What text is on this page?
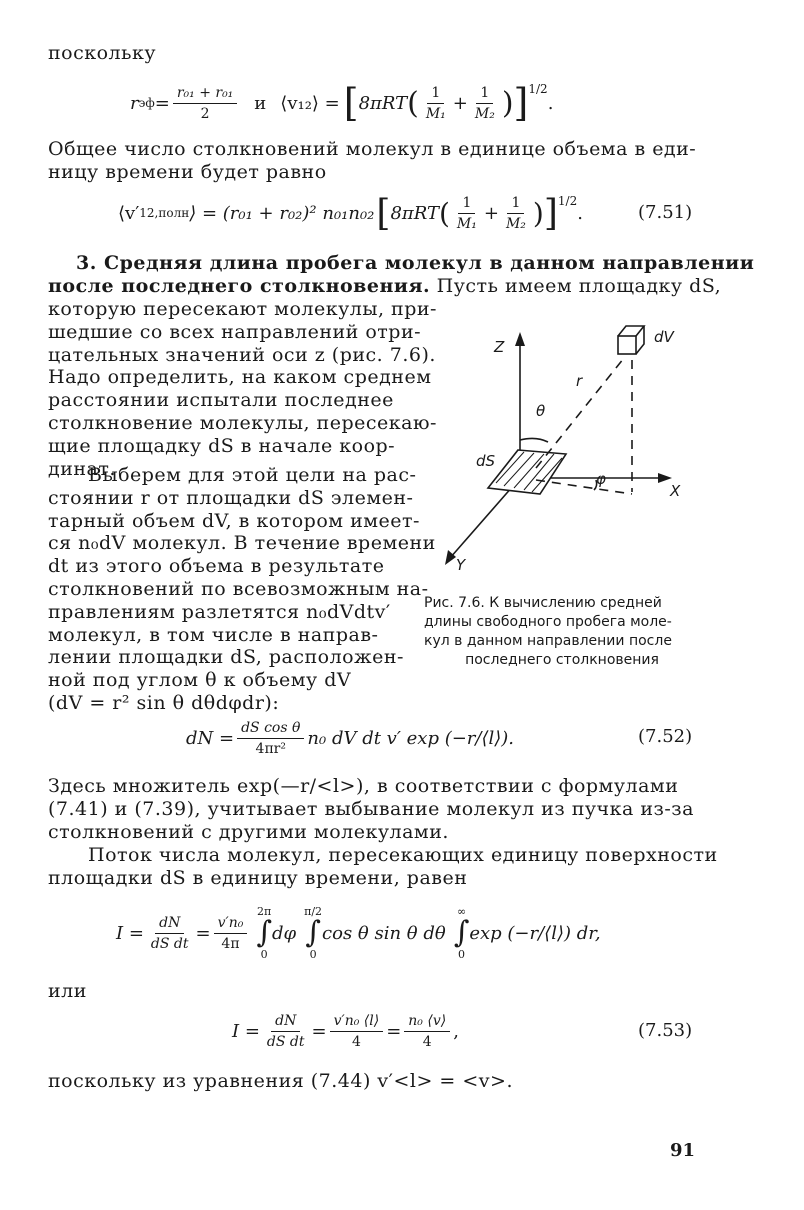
поскольку
r эф = $\frac{\text{r₀₁ + r₀₁}}{2}$ и ⟨v₁₂⟩ = [ 8πRT ( $\frac{1}{\text{M₁}} + \frac{1}{\text{M₂}}$ ) ]$^{1/2}$
.
Общее число столкновений молекул в единице объема в еди-
ницу времени будет равно
⟨v′ 12,полн ⟩ = (r₀₁ + r₀₂)² n₀₁n₀₂ [ 8πRT ( $\frac{1}{\text{M₁}} + \frac{1}{\text{M₂}}$ ) ]$^{1/2}$
.	(7.51)
3. Средняя длина пробега молекул в данном направлении
после последнего столкновения. Пусть имеем площадку dS,
которую пересекают молекулы, при-
шедшие со всех направлений отри-
цательных значений оси z (рис. 7.6).
Надо определить, на каком среднем
расстоянии испытали последнее
столкновение молекулы, пересекаю-
щие площадку dS в начале коор-
динат.
Выберем для этой цели на рас-
стоянии r от площадки dS элемен-
тарный объем dV, в котором имеет-
ся n₀dV молекул. В течение времени
dt из этого объема в результате
столкновений по всевозможным на-
правлениям разлетятся n₀dVdtv′
молекул, в том числе в направ-
лении площадки dS, расположен-
ной под углом θ к объему dV
(dV = r² sin θ dθdφdr):
Z
X
Y
dV
r
θ
dS
φ
Рис. 7.6. К вычислению средней
длины свободного пробега моле-
кул в данном направлении после
последнего столкновения
dN = $\frac{\text{dS cos θ}}{\text{4πr²}} n_0$ dV dt v′ exp (−r/⟨l⟩).	(7.52)
Здесь множитель exp(—r/<l>), в соответствии с формулами
(7.41) и (7.39), учитывает выбывание молекул из пучка из-за
столкновений с другими молекулами.
Поток числа молекул, пересекающих единицу поверхности
площадки dS в единицу времени, равен
$I = \frac{dN}{\text{dS dt}} = \frac{\text{v′n₀}}{4\pi}$
2π
∫
0
dφ
π/2
∫
0
cos θ sin θ dθ
∞
∫
0
exp (−r/⟨l⟩) dr,
или
$I = \frac{dN}{\text{dS dt}} = \frac{\text{v′n₀ ⟨l⟩}}{4} = \frac{\text{n₀ ⟨v⟩}}{4}$ ,	(7.53)
поскольку из уравнения (7.44) v′<l> = <v>.
91
